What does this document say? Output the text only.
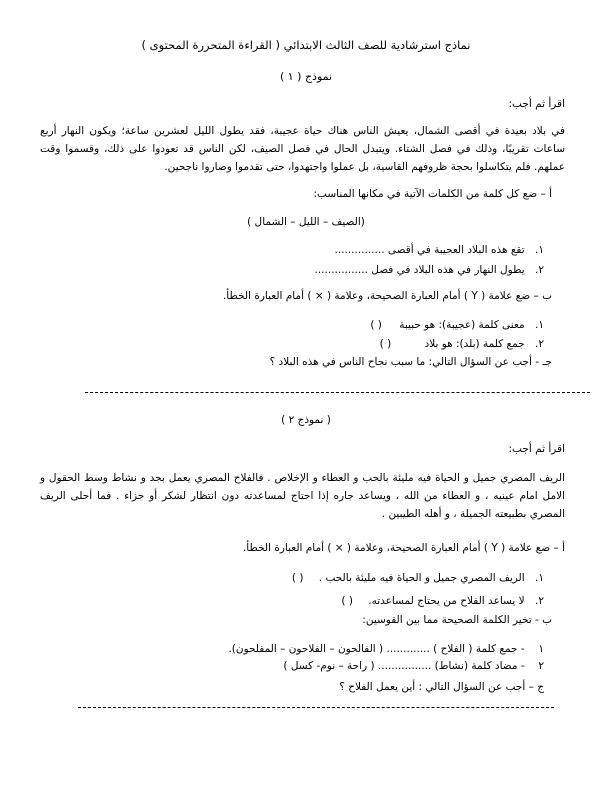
نماذج استرشادية للصف الثالث الابتدائي ( القراءة المتحررة المحتوى )
نموذج ( ١ )
اقرأ ثم أجب:
في بلاد بعيدة في أقصى الشمال، يعيش الناس هناك حياة عجيبة، فقد يطول الليل لعشرين ساعة؛ ويكون النهار أربع ساعات تقريبًا، وذلك في فصل الشتاء. ويتبدل الحال في فصل الصيف، لكن الناس قد تعودوا على ذلك، وقسموا وقت عملهم. فلم يتكاسلوا بحجة ظروفهم القاسية، بل عملوا واجتهدوا، حتى تقدموا وصاروا ناجحين.
أ – ضع كل كلمة من الكلمات الآتية في مكانها المناسب:
(الصيف – الليل – الشمال )
١. تقع هذه البلاد العجيبة في أقصى ...............
٢. يطول النهار في هذه البلاد في فصل ................
ب – ضع علامة ( Y ) أمام العبارة الصحيحة، وعلامة ( × ) أمام العبارة الخطأ.
١. معنى كلمة (عجيبة): هو حبيبة ( )
٢. جمع كلمة (بلد): هو بلاد ( )
جـ - أجب عن السؤال التالي: ما سبب نجاح الناس في هذه البلاد ؟
( نموذج ٢ )
اقرأ ثم أجب:
الريف المصري جميل و الحياة فيه مليئة بالحب و العطاء و الإخلاص . فالفلاح المصري يعمل بجد و نشاط وسط الحقول و الامل امام عينيه ، و العطاء من الله ، ويساعد جاره إذا احتاج لمساعدته دون انتظار لشكر أو جزاء . فما أحلى الريف المصري بطبيعته الجميلة ، و أهله الطيبين .
أ – ضع علامة ( Y ) أمام العبارة الصحيحة، وعلامة ( × ) أمام العبارة الخطأ.
١. الريف المصري جميل و الحياة فيه مليئة بالحب . ( )
٢. لا يساعد الفلاح من يحتاج لمساعدته. ( )
ب - تخير الكلمة الصحيحة مما بين القوسين:
١ - جمع كلمة ( الفلاح ) ............. ( الفالحون – الفلاحون – المفلحون).
٢ - مضاد كلمة (نشاط) ................ ( راحة – نوم- كسل )
ج – أجب عن السؤال التالي : أين يعمل الفلاح ؟
